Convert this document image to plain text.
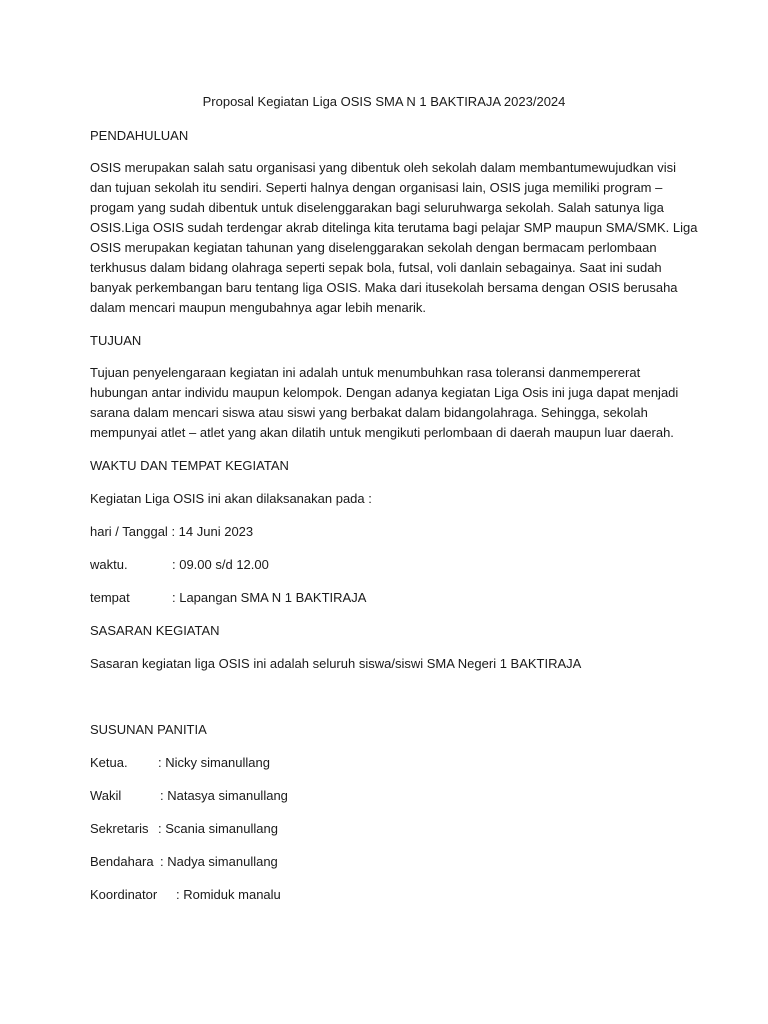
Proposal Kegiatan Liga OSIS SMA N 1 BAKTIRAJA 2023/2024
PENDAHULUAN
OSIS merupakan salah satu organisasi yang dibentuk oleh sekolah dalam membantumewujudkan visi
dan tujuan sekolah itu sendiri. Seperti halnya dengan organisasi lain, OSIS juga memiliki program –
progam yang sudah dibentuk untuk diselenggarakan bagi seluruhwarga sekolah. Salah satunya liga
OSIS.Liga OSIS sudah terdengar akrab ditelinga kita terutama bagi pelajar SMP maupun SMA/SMK. Liga
OSIS merupakan kegiatan tahunan yang diselenggarakan sekolah dengan bermacam perlombaan
terkhusus dalam bidang olahraga seperti sepak bola, futsal, voli danlain sebagainya. Saat ini sudah
banyak perkembangan baru tentang liga OSIS. Maka dari itusekolah bersama dengan OSIS berusaha
dalam mencari maupun mengubahnya agar lebih menarik.
TUJUAN
Tujuan penyelengaraan kegiatan ini adalah untuk menumbuhkan rasa toleransi danmempererat
hubungan antar individu maupun kelompok. Dengan adanya kegiatan Liga Osis ini juga dapat menjadi
sarana dalam mencari siswa atau siswi yang berbakat dalam bidangolahraga. Sehingga, sekolah
mempunyai atlet – atlet yang akan dilatih untuk mengikuti perlombaan di daerah maupun luar daerah.
WAKTU DAN TEMPAT KEGIATAN
Kegiatan Liga OSIS ini akan dilaksanakan pada :
hari / Tanggal : 14 Juni 2023
waktu.	: 09.00 s/d 12.00
tempat	: Lapangan SMA N 1 BAKTIRAJA
SASARAN KEGIATAN
Sasaran kegiatan liga OSIS ini adalah seluruh siswa/siswi SMA Negeri 1 BAKTIRAJA
SUSUNAN PANITIA
Ketua. : Nicky simanullang
Wakil	: Natasya simanullang
Sekretaris : Scania simanullang
Bendahara : Nadya simanullang
Koordinator : Romiduk manalu
